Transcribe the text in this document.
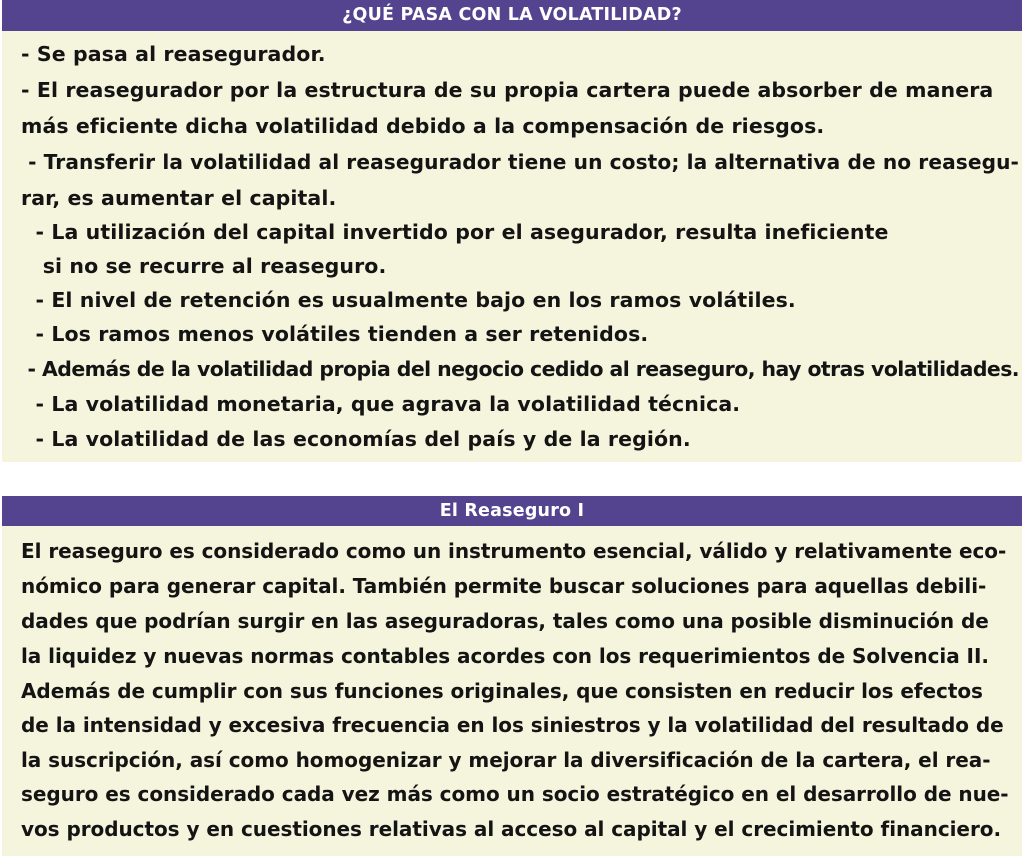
¿QUÉ PASA CON LA VOLATILIDAD?
- Se pasa al reasegurador.
- El reasegurador por la estructura de su propia cartera puede absorber de manera
más eficiente dicha volatilidad debido a la compensación de riesgos.
- Transferir la volatilidad al reasegurador tiene un costo; la alternativa de no reasegu-
rar, es aumentar el capital.
- La utilización del capital invertido por el asegurador, resulta ineficiente
si no se recurre al reaseguro.
- El nivel de retención es usualmente bajo en los ramos volátiles.
- Los ramos menos volátiles tienden a ser retenidos.
- Además de la volatilidad propia del negocio cedido al reaseguro, hay otras volatilidades.
- La volatilidad monetaria, que agrava la volatilidad técnica.
- La volatilidad de las economías del país y de la región.
El Reaseguro I
El reaseguro es considerado como un instrumento esencial, válido y relativamente eco-
nómico para generar capital. También permite buscar soluciones para aquellas debili-
dades que podrían surgir en las aseguradoras, tales como una posible disminución de
la liquidez y nuevas normas contables acordes con los requerimientos de Solvencia II.
Además de cumplir con sus funciones originales, que consisten en reducir los efectos
de la intensidad y excesiva frecuencia en los siniestros y la volatilidad del resultado de
la suscripción, así como homogenizar y mejorar la diversificación de la cartera, el rea-
seguro es considerado cada vez más como un socio estratégico en el desarrollo de nue-
vos productos y en cuestiones relativas al acceso al capital y el crecimiento financiero.
